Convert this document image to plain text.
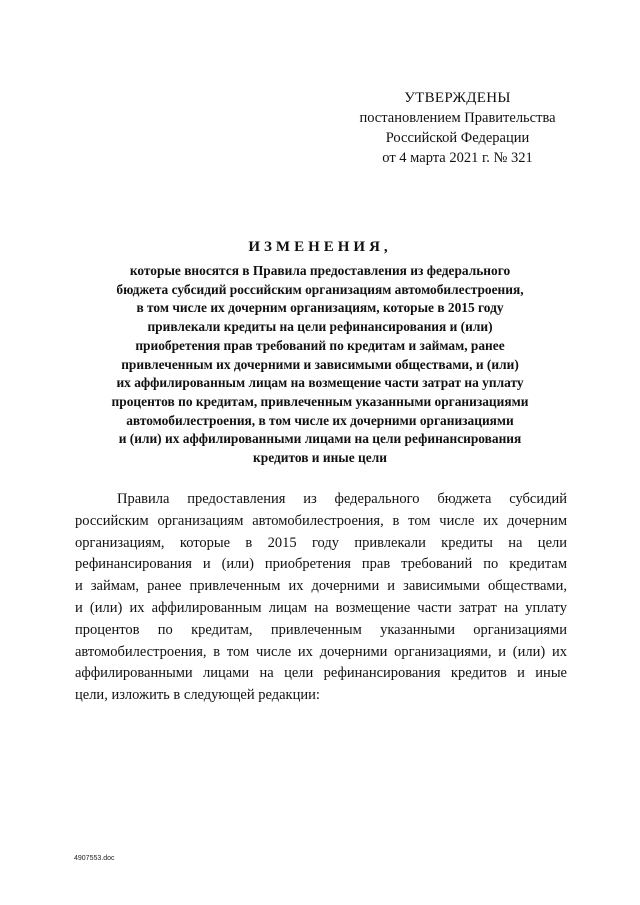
УТВЕРЖДЕНЫ
постановлением Правительства
Российской Федерации
от 4 марта 2021 г. № 321
ИЗМЕНЕНИЯ,
которые вносятся в Правила предоставления из федерального
бюджета субсидий российским организациям автомобилестроения,
в том числе их дочерним организациям, которые в 2015 году
привлекали кредиты на цели рефинансирования и (или)
приобретения прав требований по кредитам и займам, ранее
привлеченным их дочерними и зависимыми обществами, и (или)
их аффилированным лицам на возмещение части затрат на уплату
процентов по кредитам, привлеченным указанными организациями
автомобилестроения, в том числе их дочерними организациями
и (или) их аффилированными лицами на цели рефинансирования
кредитов и иные цели
Правила предоставления из федерального бюджета субсидий
российским организациям автомобилестроения, в том числе их дочерним
организациям, которые в 2015 году привлекали кредиты на цели
рефинансирования и (или) приобретения прав требований по кредитам
и займам, ранее привлеченным их дочерними и зависимыми обществами,
и (или) их аффилированным лицам на возмещение части затрат на уплату
процентов по кредитам, привлеченным указанными организациями
автомобилестроения, в том числе их дочерними организациями, и (или) их
аффилированными лицами на цели рефинансирования кредитов и иные
цели, изложить в следующей редакции:
4907553.doc
